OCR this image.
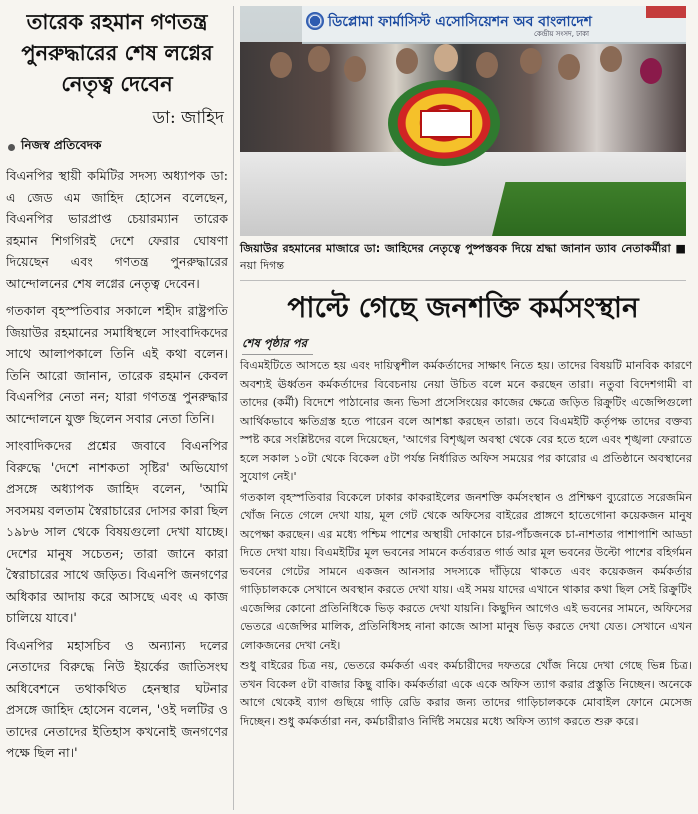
তারেক রহমান গণতন্ত্র পুনরুদ্ধারের শেষ লগ্নের নেতৃত্ব দেবেন
ডা: জাহিদ
নিজস্ব প্রতিবেদক

বিএনপির স্থায়ী কমিটির সদস্য অধ্যাপক ডা: এ জেড এম জাহিদ হোসেন বলেছেন, বিএনপির ভারপ্রাপ্ত চেয়ারম্যান তারেক রহমান শিগগিরই দেশে ফেরার ঘোষণা দিয়েছেন এবং গণতন্ত্র পুনরুদ্ধারের আন্দোলনের শেষ লগ্নের নেতৃত্ব দেবেন।

গতকাল বৃহস্পতিবার সকালে শহীদ রাষ্ট্রপতি জিয়াউর রহমানের সমাধিস্থলে সাংবাদিকদের সাথে আলাপকালে তিনি এই কথা বলেন। তিনি আরো জানান, তারেক রহমান কেবল বিএনপির নেতা নন; যারা গণতন্ত্র পুনরুদ্ধার আন্দোলনে যুক্ত ছিলেন সবার নেতা তিনি।

সাংবাদিকদের প্রশ্নের জবাবে বিএনপির বিরুদ্ধে 'দেশে নাশকতা সৃষ্টির' অভিযোগ প্রসঙ্গে অধ্যাপক জাহিদ বলেন, 'আমি সবসময় বলতাম স্বৈরাচারের দোসর কারা ছিল ১৯৮৬ সাল থেকে বিষয়গুলো দেখা যাচ্ছে। দেশের মানুষ সচেতন; তারা জানে কারা স্বৈরাচারের সাথে জড়িত। বিএনপি জনগণের অধিকার আদায় করে আসছে এবং এ কাজ চালিয়ে যাবে।'

বিএনপির মহাসচিব ও অন্যান্য দলের নেতাদের বিরুদ্ধে নিউ ইয়র্কের জাতিসংঘ অধিবেশনে তথাকথিত হেনস্থার ঘটনার প্রসঙ্গে জাহিদ হোসেন বলেন, 'ওই দলটির ও তাদের নেতাদের ইতিহাস কখনোই জনগণের পক্ষে ছিল না।'

ডিপ্লোমা ফার্মাসিস্ট এসোসিয়েশন অব বাংলাদেশ
কেন্দ্রীয় সংসদ, ঢাকা
জিয়াউর রহমানের মাজারে ডা: জাহিদের নেতৃত্বে পুষ্পস্তবক দিয়ে শ্রদ্ধা জানান ড্যাব নেতাকর্মীরা ■ নয়া দিগন্ত
পাল্টে গেছে জনশক্তি কর্মসংস্থান
শেষ পৃষ্ঠার পর

বিএমইটিতে আসতে হয় এবং দায়িত্বশীল কর্মকর্তাদের সাক্ষাৎ নিতে হয়। তাদের বিষয়টি মানবিক কারণে অবশ্যই ঊর্ধ্বতন কর্মকর্তাদের বিবেচনায় নেয়া উচিত বলে মনে করছেন তারা। নতুবা বিদেশগামী বা তাদের (কর্মী) বিদেশে পাঠানোর জন্য ভিসা প্রসেসিংয়ের কাজের ক্ষেত্রে জড়িত রিক্রুটিং এজেন্সিগুলো আর্থিকভাবে ক্ষতিগ্রস্ত হতে পারেন বলে আশঙ্কা করছেন তারা। তবে বিএমইটি কর্তৃপক্ষ তাদের বক্তব্য স্পষ্ট করে সংশ্লিষ্টদের বলে দিয়েছেন, 'আগের বিশৃঙ্খল অবস্থা থেকে বের হতে হলে এবং শৃঙ্খলা ফেরাতে হলে সকাল ১০টা থেকে বিকেল ৫টা পর্যন্ত নির্ধারিত অফিস সময়ের পর কারোর এ প্রতিষ্ঠানে অবস্থানের সুযোগ নেই।'

গতকাল বৃহস্পতিবার বিকেলে ঢাকার কাকরাইলের জনশক্তি কর্মসংস্থান ও প্রশিক্ষণ ব্যুরোতে সরেজমিন খোঁজ নিতে গেলে দেখা যায়, মূল গেট থেকে অফিসের বাইরের প্রাঙ্গণে হাতেগোনা কয়েকজন মানুষ অপেক্ষা করছেন। এর মধ্যে পশ্চিম পাশের অস্থায়ী দোকানে চার-পাঁচজনকে চা-নাশতার পাশাপাশি আড্ডা দিতে দেখা যায়। বিএমইটির মূল ভবনের সামনে কর্তব্যরত গার্ড আর মূল ভবনের উল্টো পাশের বহির্গমন ভবনের গেটের সামনে একজন আনসার সদস্যকে দাঁড়িয়ে থাকতে এবং কয়েকজন কর্মকর্তার গাড়িচালককে সেখানে অবস্থান করতে দেখা যায়। এই সময় যাদের এখানে থাকার কথা ছিল সেই রিক্রুটিং এজেন্সির কোনো প্রতিনিধিকে ভিড় করতে দেখা যায়নি। কিছুদিন আগেও এই ভবনের সামনে, অফিসের ভেতরে এজেন্সির মালিক, প্রতিনিধিসহ নানা কাজে আসা মানুষ ভিড় করতে দেখা যেত। সেখানে এখন লোকজনের দেখা নেই।

শুধু বাইরের চিত্র নয়, ভেতরে কর্মকর্তা এবং কর্মচারীদের দফতরে খোঁজ নিয়ে দেখা গেছে ভিন্ন চিত্র। তখন বিকেল ৫টা বাজার কিছু বাকি। কর্মকর্তারা একে একে অফিস ত্যাগ করার প্রস্তুতি নিচ্ছেন। অনেকে আগে থেকেই ব্যাগ গুছিয়ে গাড়ি রেডি করার জন্য তাদের গাড়িচালককে মোবাইল ফোনে মেসেজ দিচ্ছেন। শুধু কর্মকর্তারা নন, কর্মচারীরাও নির্দিষ্ট সময়ের মধ্যে অফিস ত্যাগ করতে শুরু করে।
